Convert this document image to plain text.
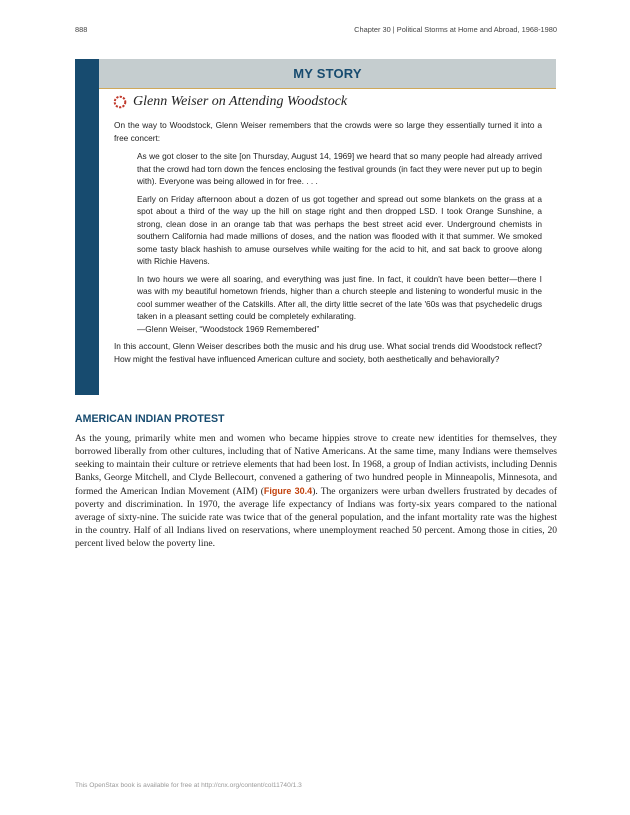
888	Chapter 30 | Political Storms at Home and Abroad, 1968-1980
MY STORY
Glenn Weiser on Attending Woodstock

On the way to Woodstock, Glenn Weiser remembers that the crowds were so large they essentially turned it into a free concert:

As we got closer to the site [on Thursday, August 14, 1969] we heard that so many people had already arrived that the crowd had torn down the fences enclosing the festival grounds (in fact they were never put up to begin with). Everyone was being allowed in for free. . . .

Early on Friday afternoon about a dozen of us got together and spread out some blankets on the grass at a spot about a third of the way up the hill on stage right and then dropped LSD. I took Orange Sunshine, a strong, clean dose in an orange tab that was perhaps the best street acid ever. Underground chemists in southern California had made millions of doses, and the nation was flooded with it that summer. We smoked some tasty black hashish to amuse ourselves while waiting for the acid to hit, and sat back to groove along with Richie Havens.

In two hours we were all soaring, and everything was just fine. In fact, it couldn't have been better—there I was with my beautiful hometown friends, higher than a church steeple and listening to wonderful music in the cool summer weather of the Catskills. After all, the dirty little secret of the late '60s was that psychedelic drugs taken in a pleasant setting could be completely exhilarating.

—Glenn Weiser, “Woodstock 1969 Remembered”

In this account, Glenn Weiser describes both the music and his drug use. What social trends did Woodstock reflect? How might the festival have influenced American culture and society, both aesthetically and behaviorally?

AMERICAN INDIAN PROTEST

As the young, primarily white men and women who became hippies strove to create new identities for themselves, they borrowed liberally from other cultures, including that of Native Americans. At the same time, many Indians were themselves seeking to maintain their culture or retrieve elements that had been lost. In 1968, a group of Indian activists, including Dennis Banks, George Mitchell, and Clyde Bellecourt, convened a gathering of two hundred people in Minneapolis, Minnesota, and formed the American Indian Movement (AIM) (Figure 30.4). The organizers were urban dwellers frustrated by decades of poverty and discrimination. In 1970, the average life expectancy of Indians was forty-six years compared to the national average of sixty-nine. The suicide rate was twice that of the general population, and the infant mortality rate was the highest in the country. Half of all Indians lived on reservations, where unemployment reached 50 percent. Among those in cities, 20 percent lived below the poverty line.

This OpenStax book is available for free at http://cnx.org/content/col11740/1.3
